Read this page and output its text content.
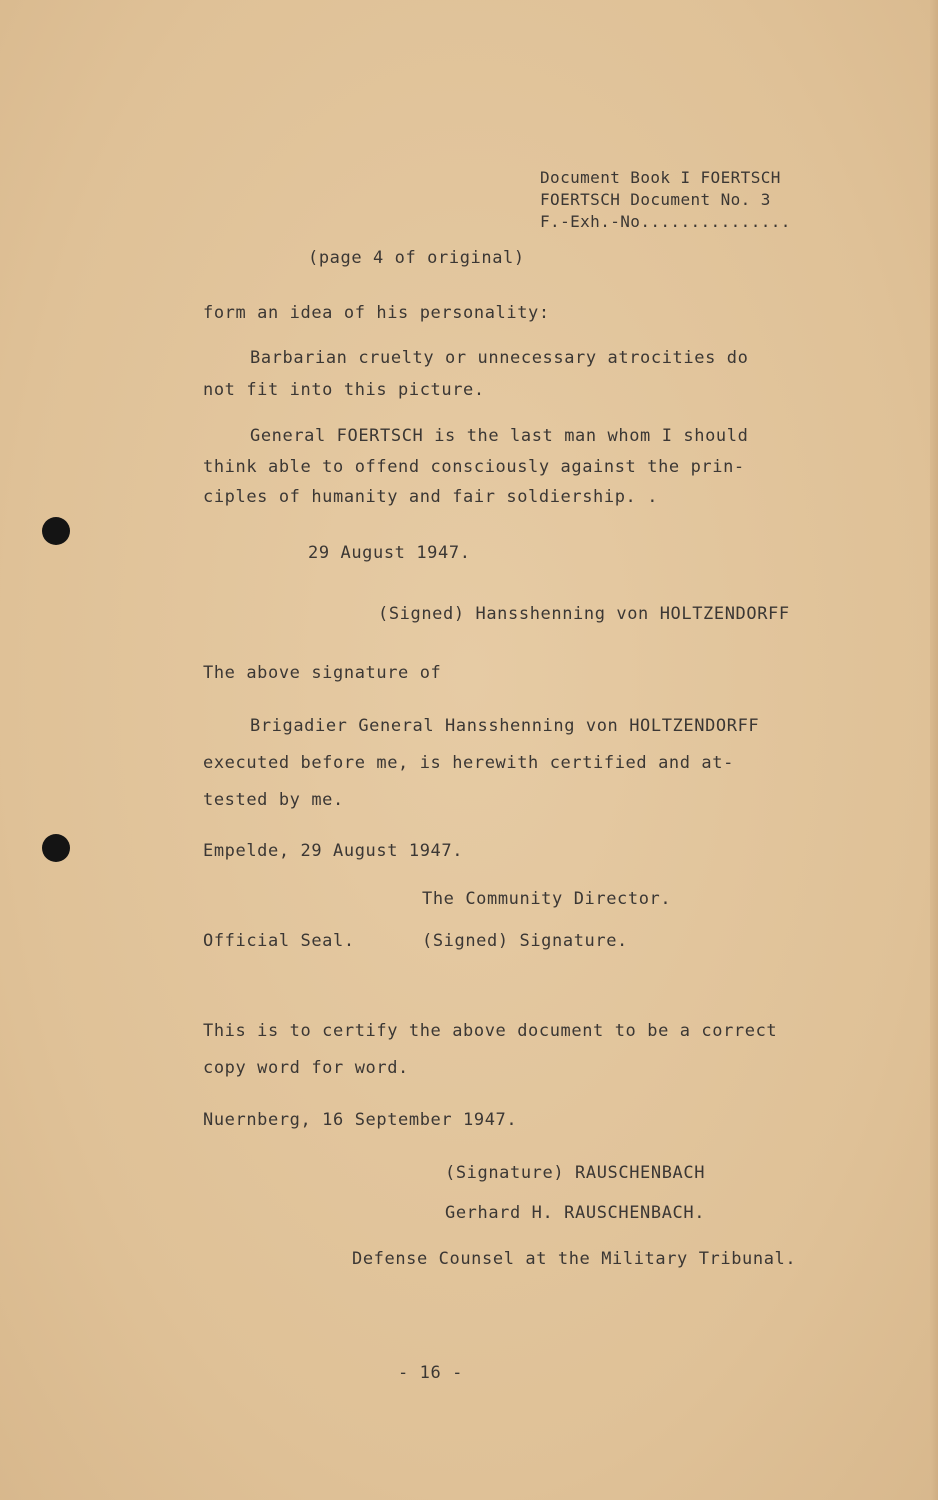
Document Book I FOERTSCH
FOERTSCH Document No. 3
F.-Exh.-No...............
(page 4 of original)
form an idea of his personality:
Barbarian cruelty or unnecessary atrocities do
not fit into this picture.
General FOERTSCH is the last man whom I should
think able to offend consciously against the prin-
ciples of humanity and fair soldiership. .
29 August 1947.
(Signed) Hansshenning von HOLTZENDORFF
The above signature of
Brigadier General Hansshenning von HOLTZENDORFF
executed before me, is herewith certified and at-
tested by me.
Empelde, 29 August 1947.
The Community Director.
Official Seal.	(Signed) Signature.
This is to certify the above document to be a correct
copy word for word.
Nuernberg, 16 September 1947.
(Signature) RAUSCHENBACH
Gerhard H. RAUSCHENBACH.
Defense Counsel at the Military Tribunal.
- 16 -
